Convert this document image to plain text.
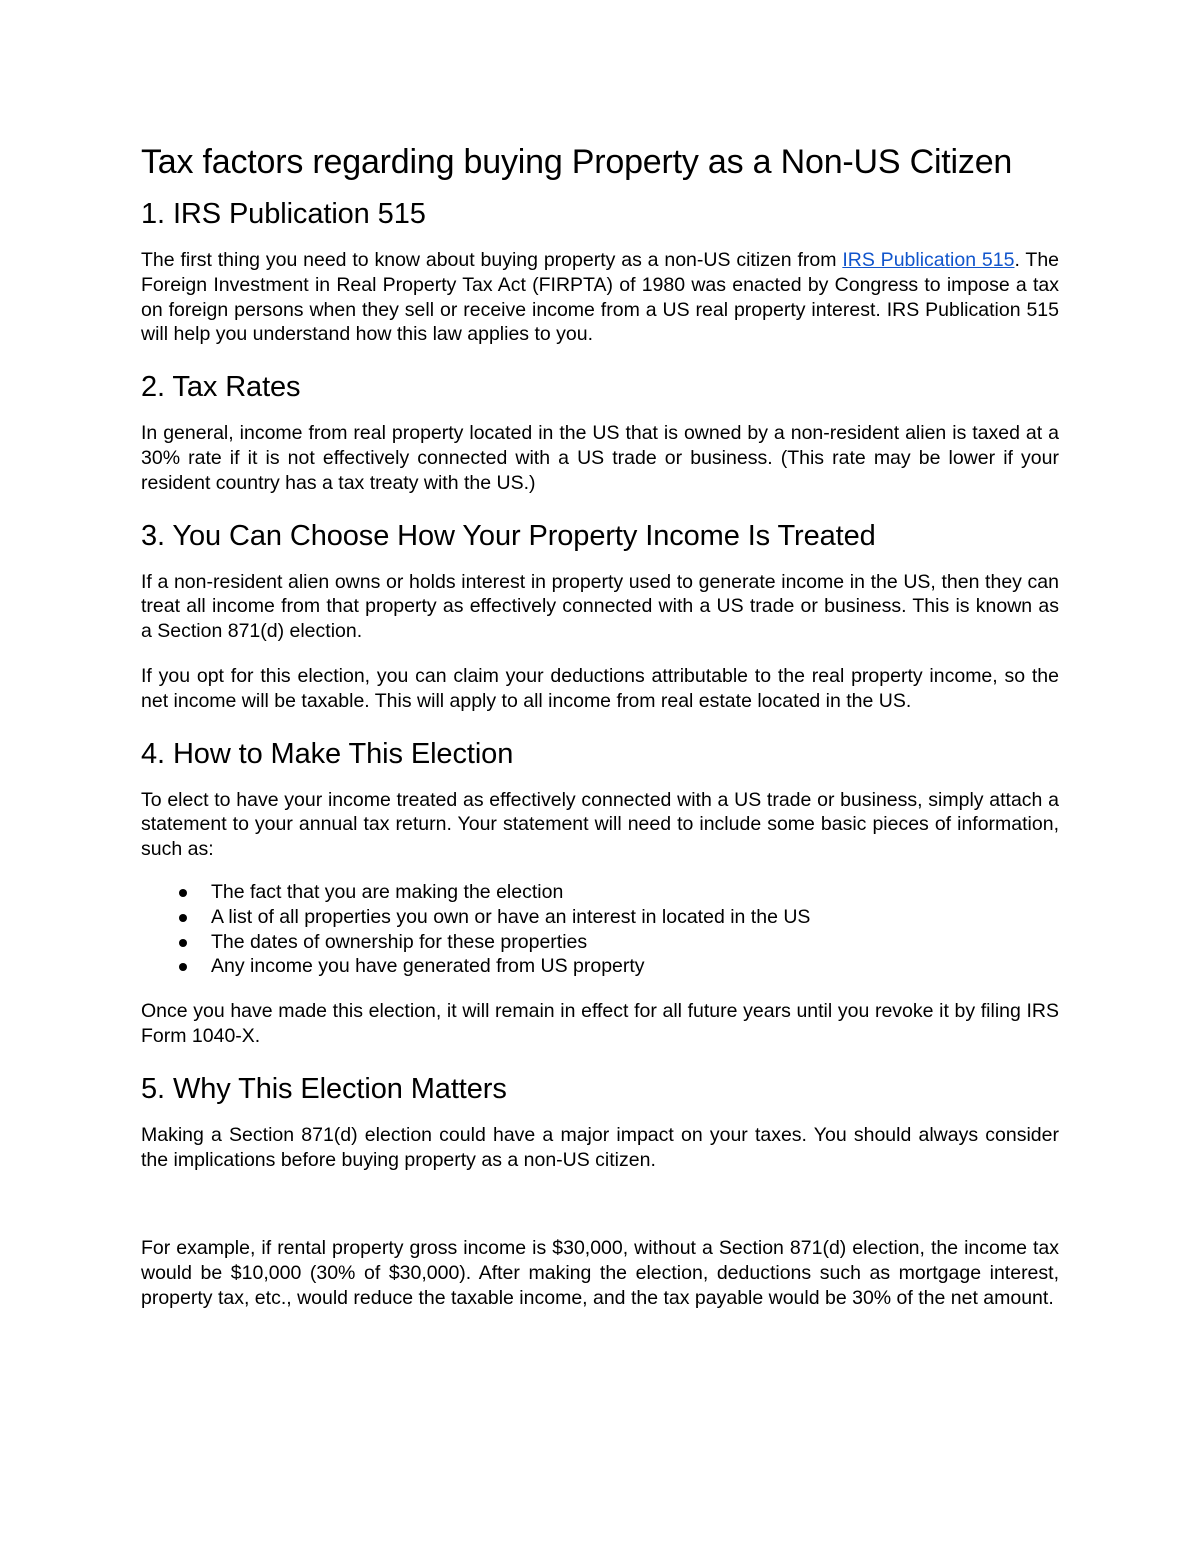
Tax factors regarding buying Property as a Non-US Citizen
1. IRS Publication 515

The first thing you need to know about buying property as a non-US citizen from IRS Publication 515. The Foreign Investment in Real Property Tax Act (FIRPTA) of 1980 was enacted by Congress to impose a tax on foreign persons when they sell or receive income from a US real property interest. IRS Publication 515 will help you understand how this law applies to you.

2. Tax Rates

In general, income from real property located in the US that is owned by a non-resident alien is taxed at a 30% rate if it is not effectively connected with a US trade or business. (This rate may be lower if your resident country has a tax treaty with the US.)

3. You Can Choose How Your Property Income Is Treated

If a non-resident alien owns or holds interest in property used to generate income in the US, then they can treat all income from that property as effectively connected with a US trade or business. This is known as a Section 871(d) election.

If you opt for this election, you can claim your deductions attributable to the real property income, so the net income will be taxable. This will apply to all income from real estate located in the US.

4. How to Make This Election

To elect to have your income treated as effectively connected with a US trade or business, simply attach a statement to your annual tax return. Your statement will need to include some basic pieces of information, such as:

The fact that you are making the election
A list of all properties you own or have an interest in located in the US
The dates of ownership for these properties
Any income you have generated from US property

Once you have made this election, it will remain in effect for all future years until you revoke it by filing IRS Form 1040-X.

5. Why This Election Matters

Making a Section 871(d) election could have a major impact on your taxes. You should always consider the implications before buying property as a non-US citizen.

For example, if rental property gross income is $30,000, without a Section 871(d) election, the income tax would be $10,000 (30% of $30,000). After making the election, deductions such as mortgage interest, property tax, etc., would reduce the taxable income, and the tax payable would be 30% of the net amount.
